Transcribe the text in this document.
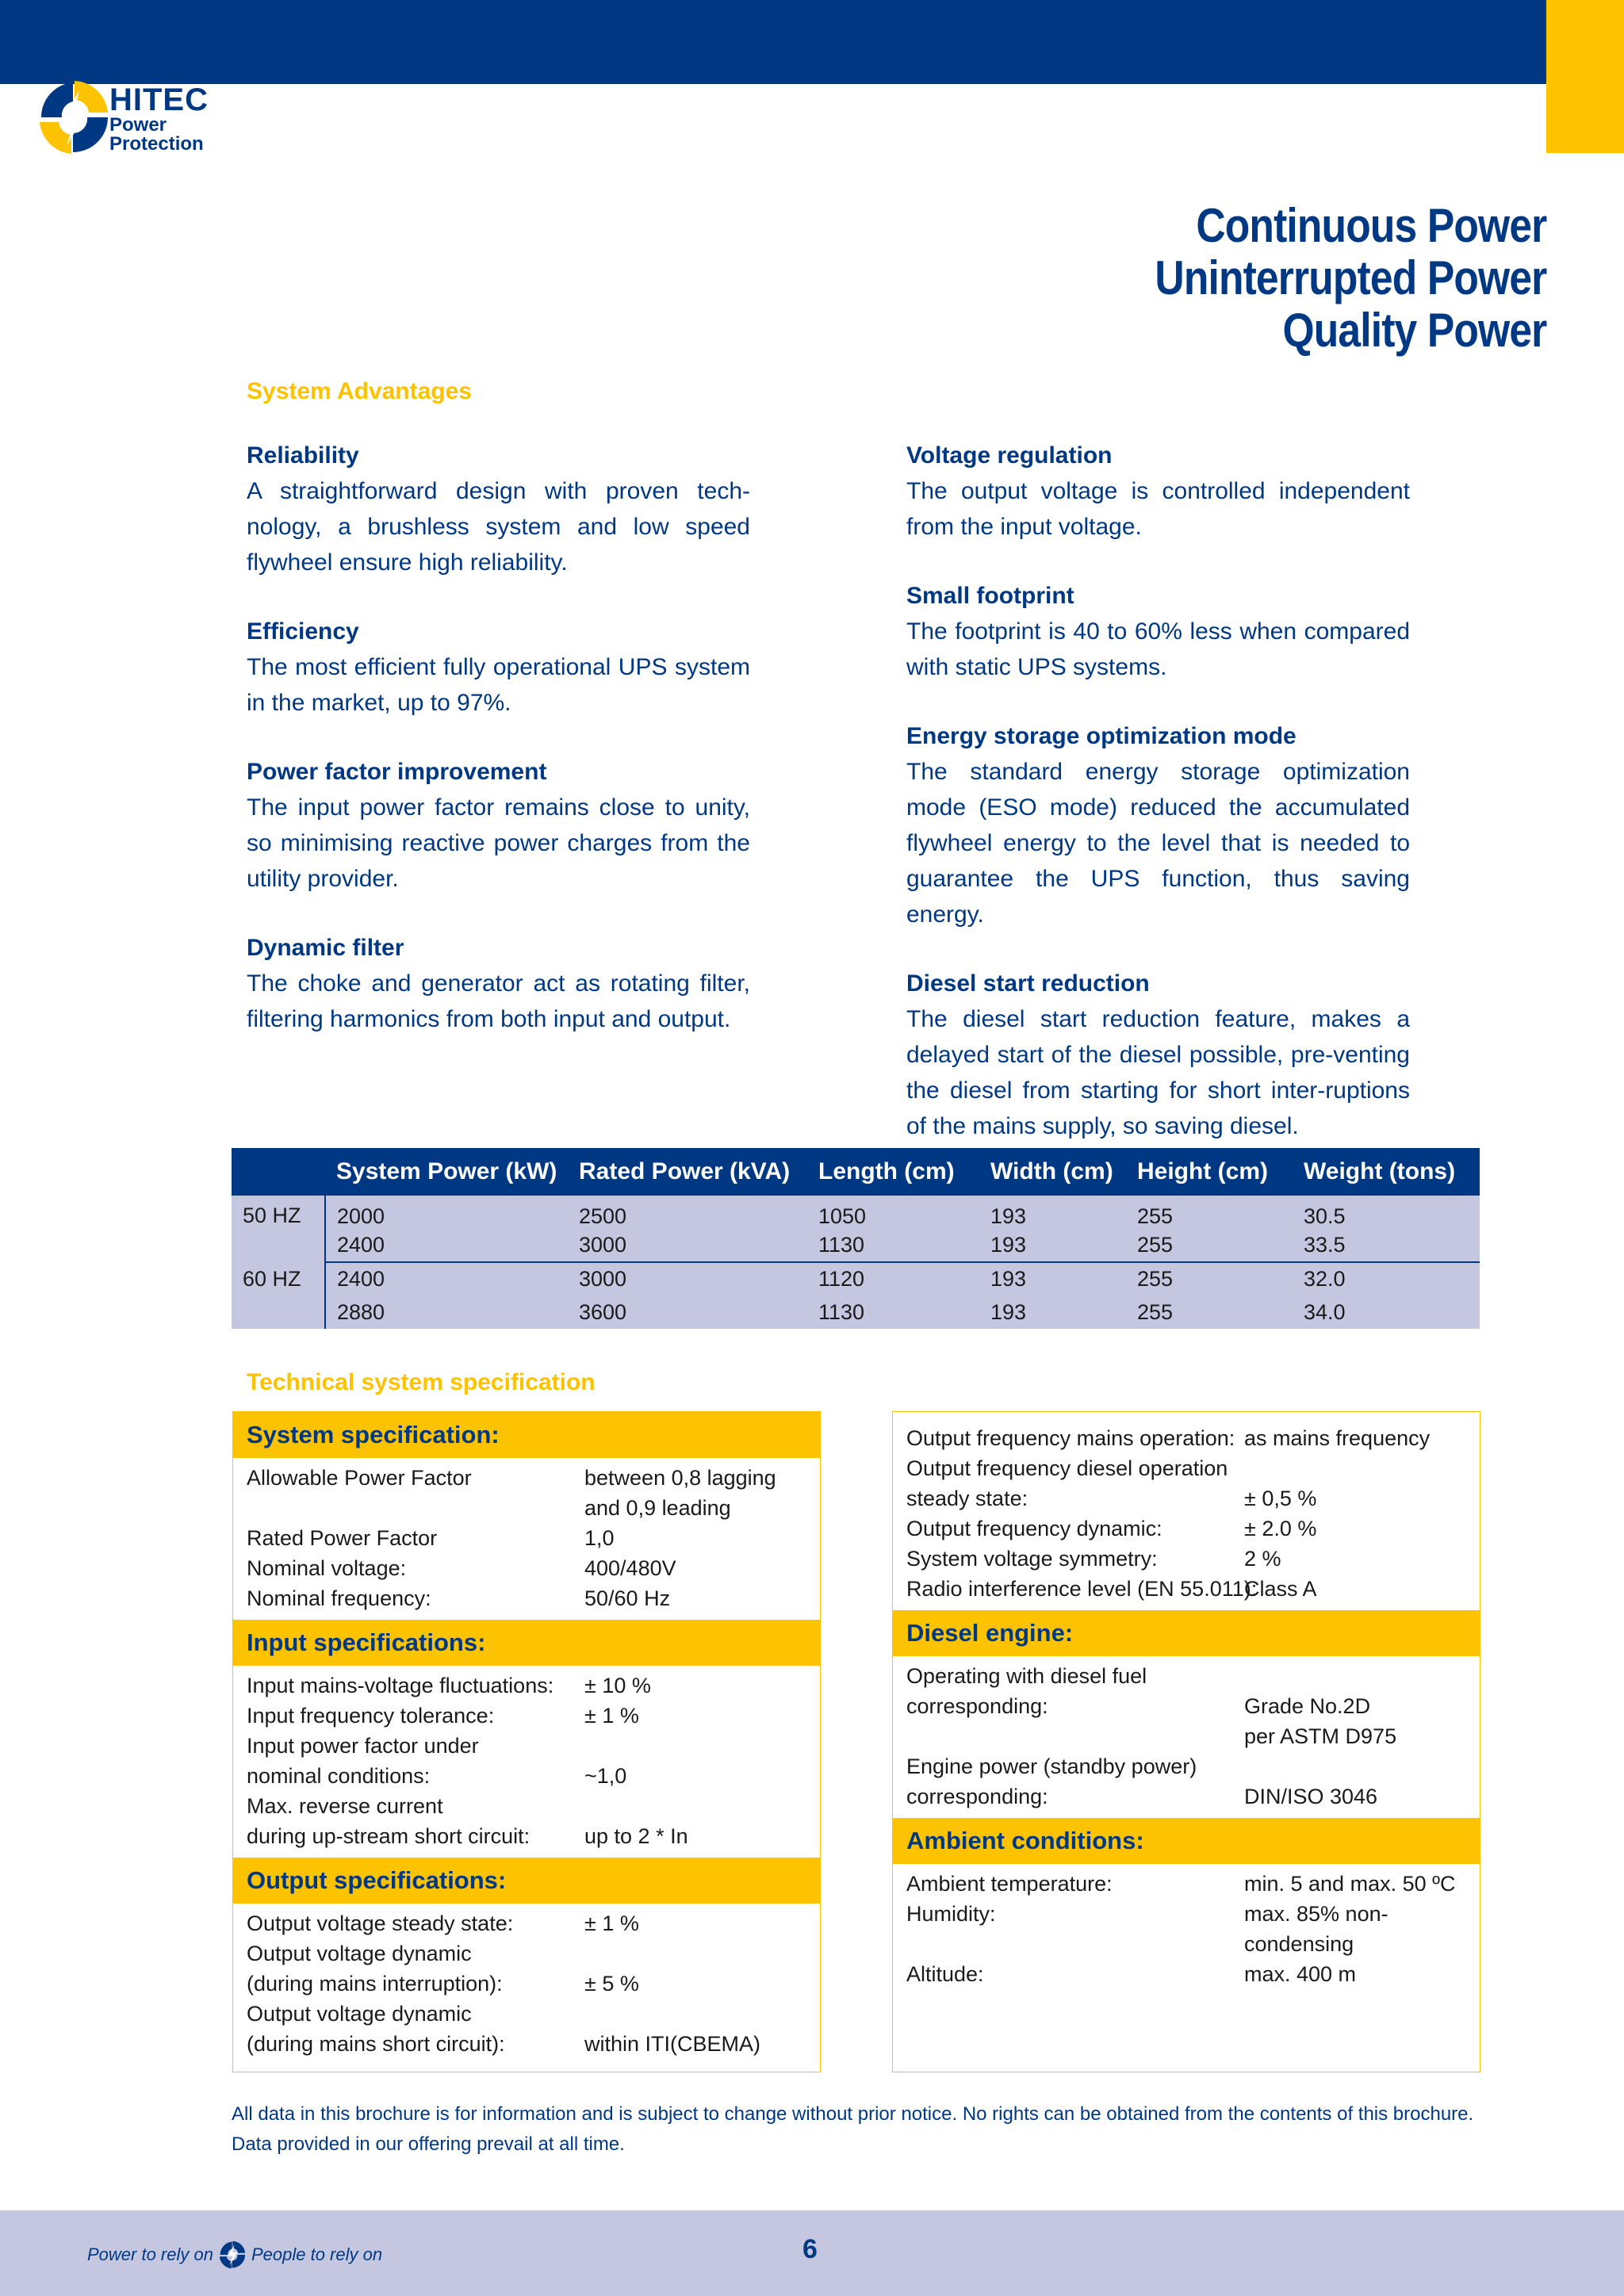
HITEC
Power
Protection
Continuous Power
Uninterrupted Power
Quality Power
System Advantages
Reliability
A straightforward design with proven tech-nology, a brushless system and low speed flywheel ensure high reliability.
Efficiency
The most efficient fully operational UPS system in the market, up to 97%.
Power factor improvement
The input power factor remains close to unity, so minimising reactive power charges from the utility provider.
Dynamic filter
The choke and generator act as rotating filter, filtering harmonics from both input and output.
Voltage regulation
The output voltage is controlled independent from the input voltage.
Small footprint
The footprint is 40 to 60% less when compared with static UPS systems.
Energy storage optimization mode
The standard energy storage optimization mode (ESO mode) reduced the accumulated flywheel energy to the level that is needed to guarantee the UPS function, thus saving energy.
Diesel start reduction
The diesel start reduction feature, makes a delayed start of the diesel possible, pre-venting the diesel from starting for short inter-ruptions of the mains supply, so saving diesel.
	System Power (kW)	Rated Power (kVA)	Length (cm)	Width (cm)	Height (cm)	Weight (tons)
50 HZ	2000	2500	1050	193	255	30.5
	2400	3000	1130	193	255	33.5
60 HZ	2400	3000	1120	193	255	32.0
	2880	3600	1130	193	255	34.0
Technical system specification
System specification:
Allowable Power Factor	between 0,8 lagging
and 0,9 leading
Rated Power Factor	1,0
Nominal voltage:	400/480V
Nominal frequency:	50/60 Hz
Input specifications:
Input mains-voltage fluctuations:	± 10 %
Input frequency tolerance:	± 1 %
Input power factor under
nominal conditions:	~1,0
Max. reverse current
during up-stream short circuit:	up to 2 * In
Output specifications:
Output voltage steady state:	± 1 %
Output voltage dynamic
(during mains interruption):	± 5 %
Output voltage dynamic
(during mains short circuit):	within ITI(CBEMA)
Output frequency mains operation: as mains frequency
Output frequency diesel operation
steady state:	± 0,5 %
Output frequency dynamic:	± 2.0 %
System voltage symmetry:	2 %
Radio interference level (EN 55.011):
Class A
Diesel engine:
Operating with diesel fuel
corresponding:	Grade No.2D
per ASTM D975
Engine power (standby power)
corresponding:	DIN/ISO 3046
Ambient conditions:
Ambient temperature:	min. 5 and max. 50 ºC
Humidity:	max. 85% non-
condensing
Altitude:	max. 400 m
All data in this brochure is for information and is subject to change without prior notice. No rights can be obtained from the contents of this brochure. Data provided in our offering prevail at all time.
Power to rely on People to rely on	6
